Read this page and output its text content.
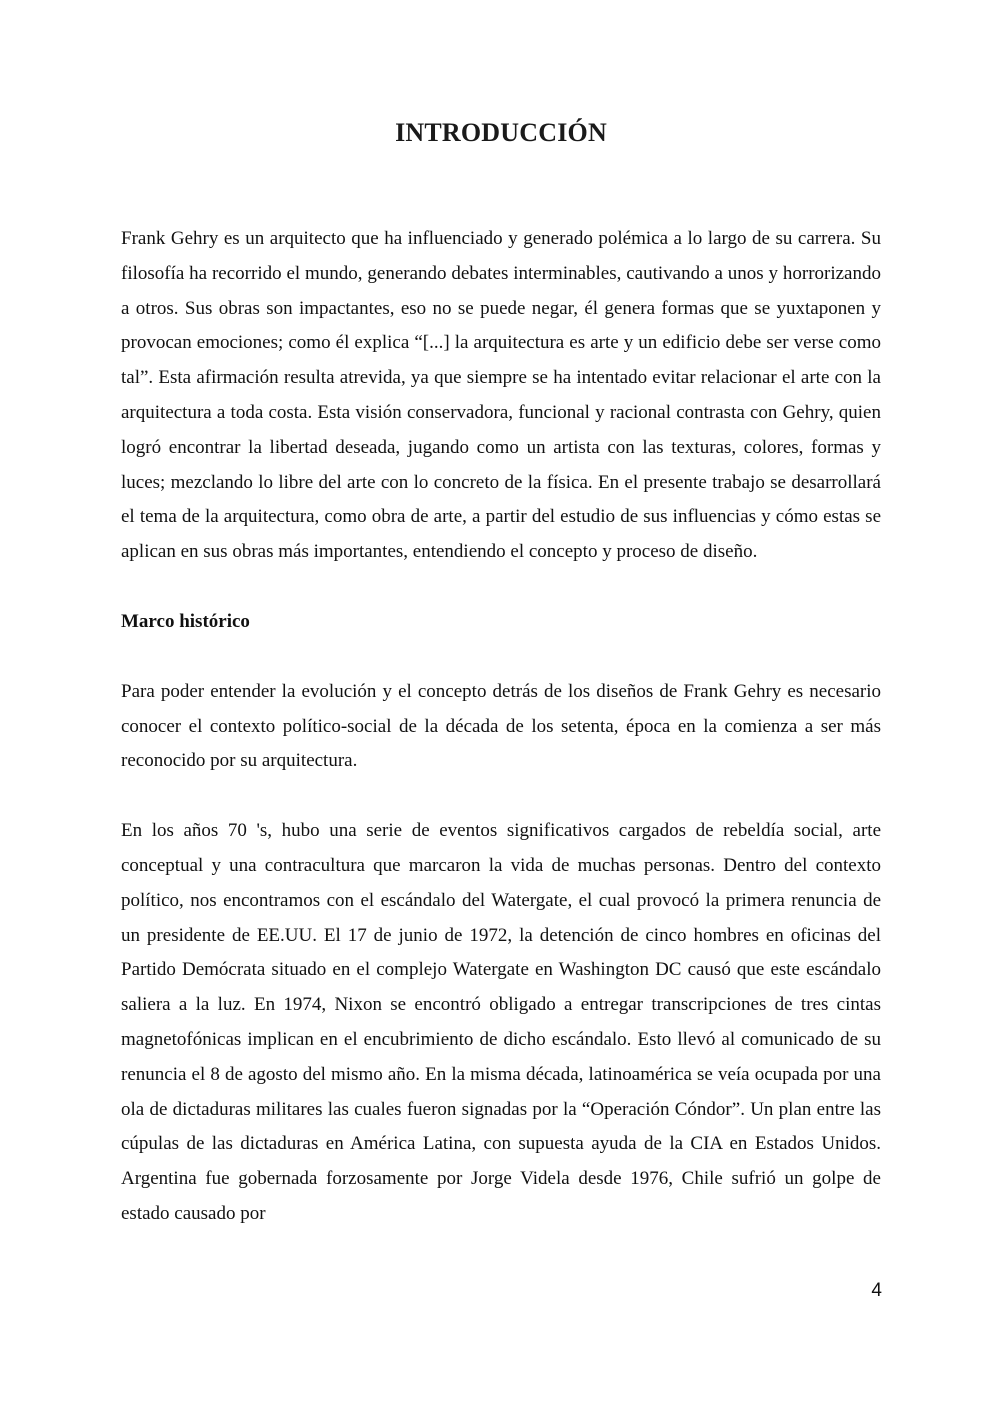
INTRODUCCIÓN

Frank Gehry es un arquitecto que ha influenciado y generado polémica a lo largo de su carrera. Su filosofía ha recorrido el mundo, generando debates interminables, cautivando a unos y horrorizando a otros. Sus obras son impactantes, eso no se puede negar, él genera formas que se yuxtaponen y provocan emociones; como él explica “[...] la arquitectura es arte y un edificio debe ser verse como tal”. Esta afirmación resulta atrevida, ya que siempre se ha intentado evitar relacionar el arte con la arquitectura a toda costa. Esta visión conservadora, funcional y racional contrasta con Gehry, quien logró encontrar la libertad deseada, jugando como un artista con las texturas, colores, formas y luces; mezclando lo libre del arte con lo concreto de la física. En el presente trabajo se desarrollará el tema de la arquitectura, como obra de arte, a partir del estudio de sus influencias y cómo estas se aplican en sus obras más importantes, entendiendo el concepto y proceso de diseño.

Marco histórico

Para poder entender la evolución y el concepto detrás de los diseños de Frank Gehry es necesario conocer el contexto político-social de la década de los setenta, época en la comienza a ser más reconocido por su arquitectura.

En los años 70 's, hubo una serie de eventos significativos cargados de rebeldía social, arte conceptual y una contracultura que marcaron la vida de muchas personas. Dentro del contexto político, nos encontramos con el escándalo del Watergate, el cual provocó la primera renuncia de un presidente de EE.UU. El 17 de junio de 1972, la detención de cinco hombres en oficinas del Partido Demócrata situado en el complejo Watergate en Washington DC causó que este escándalo saliera a la luz. En 1974, Nixon se encontró obligado a entregar transcripciones de tres cintas magnetofónicas implican en el encubrimiento de dicho escándalo. Esto llevó al comunicado de su renuncia el 8 de agosto del mismo año. En la misma década, latinoamérica se veía ocupada por una ola de dictaduras militares las cuales fueron signadas por la “Operación Cóndor”. Un plan entre las cúpulas de las dictaduras en América Latina, con supuesta ayuda de la CIA en Estados Unidos. Argentina fue gobernada forzosamente por Jorge Videla desde 1976, Chile sufrió un golpe de estado causado por

4
